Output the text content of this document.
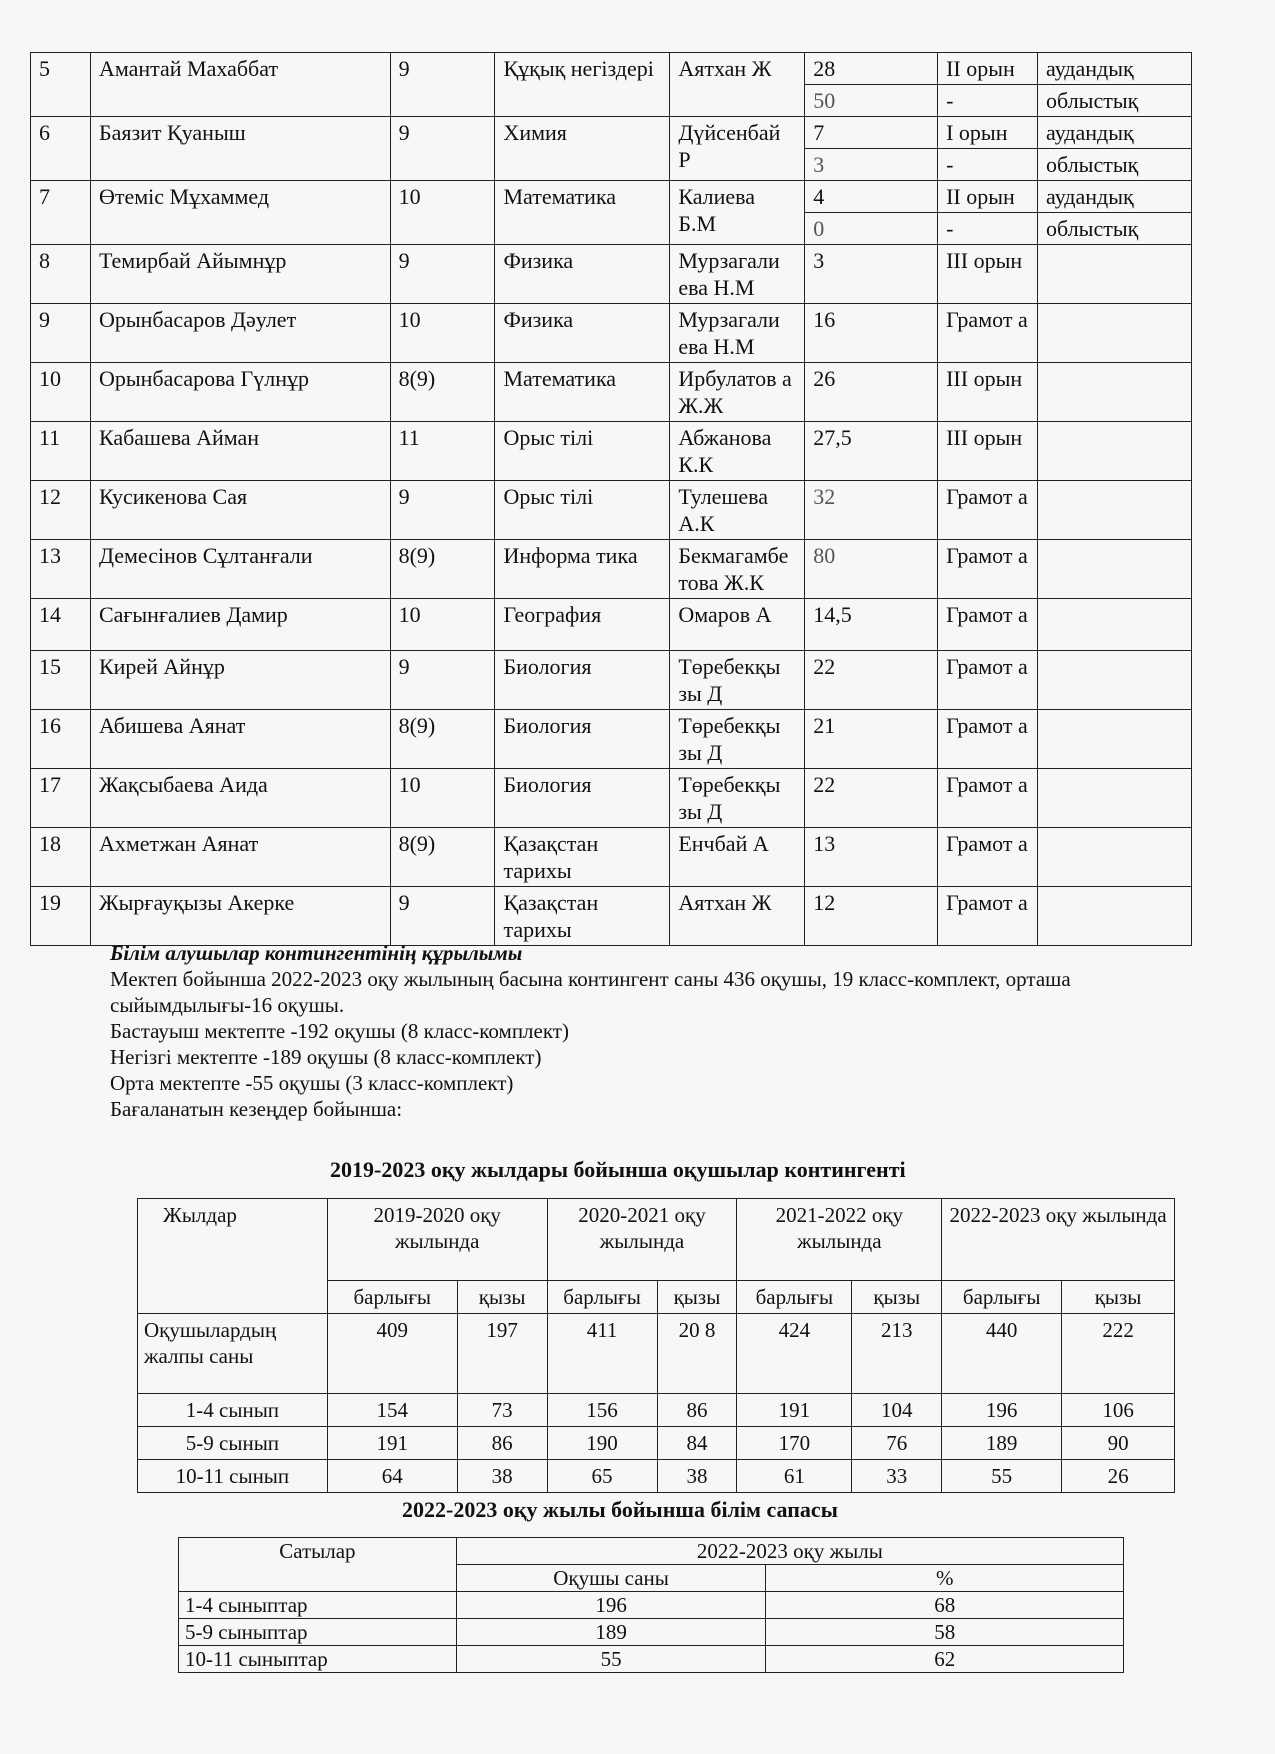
5	Амантай Махаббат	9	Құқық негіздері	Аятхан Ж	28	ІІ орын	аудандық
					50	-	облыстық
6	Баязит Қуаныш	9	Химия	Дүйсенбай Р	7	І орын	аудандық
					3	-	облыстық
7	Өтеміс Мұхаммед	10	Математика	Калиева Б.М	4	ІІ орын	аудандық
					0	-	облыстық
8	Темирбай Айымнұр	9	Физика	Мурзагали ева Н.М	3	ІІІ орын	
9	Орынбасаров Дәулет	10	Физика	Мурзагали ева Н.М	16	Грамот а	
10	Орынбасарова Гүлнұр	8(9)	Математика	Ирбулатов а Ж.Ж	26	ІІІ орын	
11	Кабашева Айман	11	Орыс тілі	Абжанова К.К	27,5	ІІІ орын	
12	Кусикенова Сая	9	Орыс тілі	Тулешева А.К	32	Грамот а	
13	Демесінов Сұлтанғали	8(9)	Информа тика	Бекмагамбе това Ж.К	80	Грамот а	
14	Сағынғалиев Дамир	10	География	Омаров А	14,5	Грамот а	
15	Кирей Айнұр	9	Биология	Төребекқы зы Д	22	Грамот а	
16	Абишева Аянат	8(9)	Биология	Төребекқы зы Д	21	Грамот а	
17	Жақсыбаева Аида	10	Биология	Төребекқы зы Д	22	Грамот а	
18	Ахметжан Аянат	8(9)	Қазақстан тарихы	Енчбай А	13	Грамот а	
19	Жырғауқызы Акерке	9	Қазақстан тарихы	Аятхан Ж	12	Грамот а	
Білім алушылар контингентінің құрылымы
Мектеп бойынша 2022-2023 оқу жылының басына контингент саны 436 оқушы, 19 класс-комплект, орташа сыйымдылығы-16 оқушы.
Бастауыш мектепте -192 оқушы (8 класс-комплект)
Негізгі мектепте -189 оқушы (8 класс-комплект)
Орта мектепте -55 оқушы (3 класс-комплект)
Бағаланатын кезеңдер бойынша:
2019-2023 оқу жылдары бойынша оқушылар контингенті
Жылдар	2019-2020 оқу жылында		2020-2021 оқу жылында		2021-2022 оқу жылында		2022-2023 оқу жылында	
	барлығы	қызы	барлығы	қызы	барлығы	қызы	барлығы	қызы
Оқушылардың жалпы саны	409	197	411	20 8	424	213	440	222
1-4 сынып	154	73	156	86	191	104	196	106
5-9 сынып	191	86	190	84	170	76	189	90
10-11 сынып	64	38	65	38	61	33	55	26
2022-2023 оқу жылы бойынша білім сапасы
Сатылар	2022-2023 оқу жылы	
	Оқушы саны	%
1-4 сыныптар	196	68
5-9 сыныптар	189	58
10-11 сыныптар	55	62
